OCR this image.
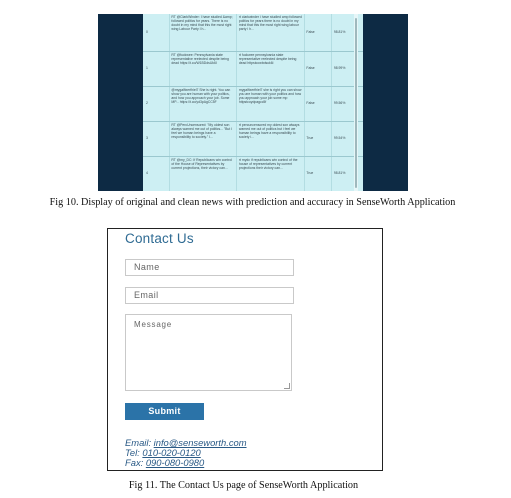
0	RT @ClarkWinder: I have studied &amp; followed politics for years. There is no doubt in my mind that this the most right wing Labour Party I h...	rt clarkwinder i have studied amp followed politics for years there is no doubt in my mind that this the most right wing labour party i h...	False	98.81%
1	RT @fuckwee: Pennsylvania state representative reelected despite being dead https://t.co/W1BDdsUk6I	rt fuckwee pennsylvania state representative reelected despite being dead httpstcowbdsuk6i	False	98.99%
2	@mygalfixerfhiel7 She is right. You can show you are human with your politics, and how you approach your job. Some MP... https://t.co/yd3pAgCC5F	mygalfixerfhiel7 she is right you can show you are human with your politics and how you approach your job some mp httpstcoydpagcc5f	False	99.56%
3	RT @PercUncensored: "My oldest son always warned me out of politics... "But I feel we human beings have a responsibility to society." I...	rt percuncensored my oldest son always warned me out of politics but i feel we human beings have a responsibility to society i...	True	99.54%
4	RT @my_DC: If Republicans win control of the House of Representatives by current projections, their victory can...	rt mydc if republicans win control of the house of representatives by current projections their victory can...	True	98.81%
Fig 10. Display of original and clean news with prediction and accuracy in SenseWorth Application
Contact Us
Name
Email
Message
Submit
Email: info@senseworth.com
Tel: 010-020-0120
Fax: 090-080-0980
Fig 11. The Contact Us page of SenseWorth Application
